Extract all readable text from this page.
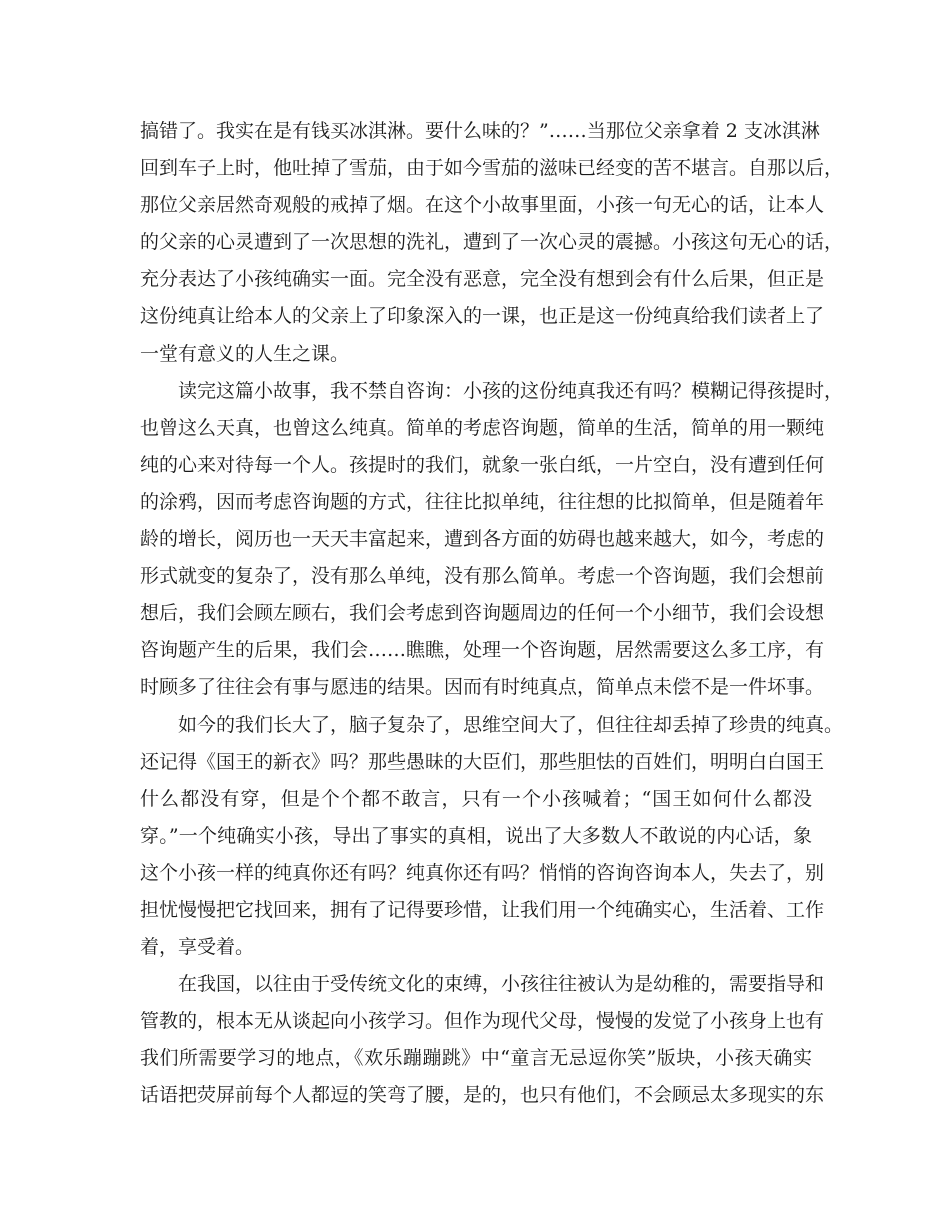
搞错了。我实在是有钱买冰淇淋。要什么味的？”……当那位父亲拿着 2 支冰淇淋
回到车子上时，他吐掉了雪茄，由于如今雪茄的滋味已经变的苦不堪言。自那以后，
那位父亲居然奇观般的戒掉了烟。在这个小故事里面，小孩一句无心的话，让本人
的父亲的心灵遭到了一次思想的洗礼，遭到了一次心灵的震撼。小孩这句无心的话，
充分表达了小孩纯确实一面。完全没有恶意，完全没有想到会有什么后果，但正是
这份纯真让给本人的父亲上了印象深入的一课，也正是这一份纯真给我们读者上了
一堂有意义的人生之课。
读完这篇小故事，我不禁自咨询：小孩的这份纯真我还有吗？模糊记得孩提时，
也曾这么天真，也曾这么纯真。简单的考虑咨询题，简单的生活，简单的用一颗纯
纯的心来对待每一个人。孩提时的我们，就象一张白纸，一片空白，没有遭到任何
的涂鸦，因而考虑咨询题的方式，往往比拟单纯，往往想的比拟简单，但是随着年
龄的增长，阅历也一天天丰富起来，遭到各方面的妨碍也越来越大，如今，考虑的
形式就变的复杂了，没有那么单纯，没有那么简单。考虑一个咨询题，我们会想前
想后，我们会顾左顾右，我们会考虑到咨询题周边的任何一个小细节，我们会设想
咨询题产生的后果，我们会……瞧瞧，处理一个咨询题，居然需要这么多工序，有
时顾多了往往会有事与愿违的结果。因而有时纯真点，简单点未偿不是一件坏事。
如今的我们长大了，脑子复杂了，思维空间大了，但往往却丢掉了珍贵的纯真。
还记得《国王的新衣》吗？那些愚昧的大臣们，那些胆怯的百姓们，明明白白国王
什么都没有穿，但是个个都不敢言，只有一个小孩喊着；“国王如何什么都没
穿。”一个纯确实小孩，导出了事实的真相，说出了大多数人不敢说的内心话，象
这个小孩一样的纯真你还有吗？纯真你还有吗？悄悄的咨询咨询本人，失去了，别
担忧慢慢把它找回来，拥有了记得要珍惜，让我们用一个纯确实心，生活着、工作
着，享受着。
在我国，以往由于受传统文化的束缚，小孩往往被认为是幼稚的，需要指导和
管教的，根本无从谈起向小孩学习。但作为现代父母，慢慢的发觉了小孩身上也有
我们所需要学习的地点，《欢乐蹦蹦跳》中“童言无忌逗你笑”版块，小孩天确实
话语把荧屏前每个人都逗的笑弯了腰，是的，也只有他们，不会顾忌太多现实的东
